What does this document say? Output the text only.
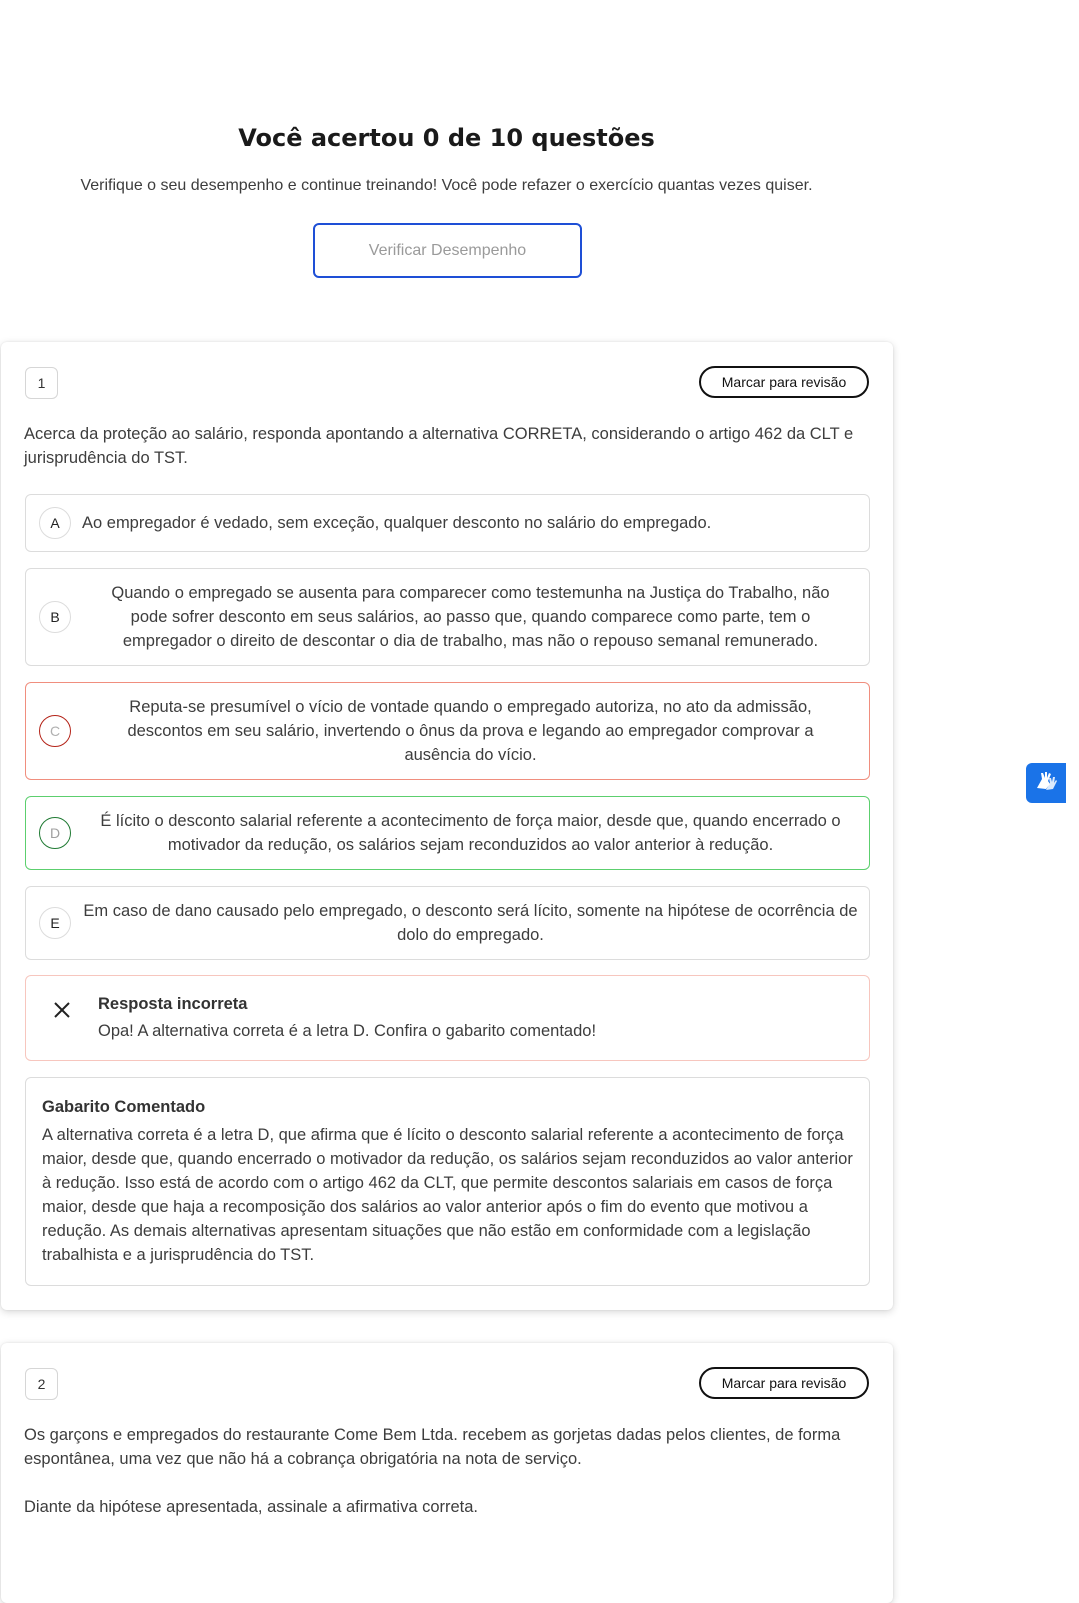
Você acertou 0 de 10 questões
Verifique o seu desempenho e continue treinando! Você pode refazer o exercício quantas vezes quiser.
Verificar Desempenho
1	Marcar para revisão
Acerca da proteção ao salário, responda apontando a alternativa CORRETA, considerando o artigo 462 da CLT e jurisprudência do TST.
A	Ao empregador é vedado, sem exceção, qualquer desconto no salário do empregado.
B
Quando o empregado se ausenta para comparecer como testemunha na Justiça do Trabalho, não pode sofrer desconto em seus salários, ao passo que, quando comparece como parte, tem o empregador o direito de descontar o dia de trabalho, mas não o repouso semanal remunerado.
C
Reputa-se presumível o vício de vontade quando o empregado autoriza, no ato da admissão, descontos em seu salário, invertendo o ônus da prova e legando ao empregador comprovar a ausência do vício.
D
É lícito o desconto salarial referente a acontecimento de força maior, desde que, quando encerrado o motivador da redução, os salários sejam reconduzidos ao valor anterior à redução.
E
Em caso de dano causado pelo empregado, o desconto será lícito, somente na hipótese de ocorrência de dolo do empregado.
Resposta incorreta
Opa! A alternativa correta é a letra D. Confira o gabarito comentado!
Gabarito Comentado
A alternativa correta é a letra D, que afirma que é lícito o desconto salarial referente a acontecimento de força maior, desde que, quando encerrado o motivador da redução, os salários sejam reconduzidos ao valor anterior à redução. Isso está de acordo com o artigo 462 da CLT, que permite descontos salariais em casos de força maior, desde que haja a recomposição dos salários ao valor anterior após o fim do evento que motivou a redução. As demais alternativas apresentam situações que não estão em conformidade com a legislação trabalhista e a jurisprudência do TST.
2	Marcar para revisão
Os garçons e empregados do restaurante Come Bem Ltda. recebem as gorjetas dadas pelos clientes, de forma espontânea, uma vez que não há a cobrança obrigatória na nota de serviço.
Diante da hipótese apresentada, assinale a afirmativa correta.
